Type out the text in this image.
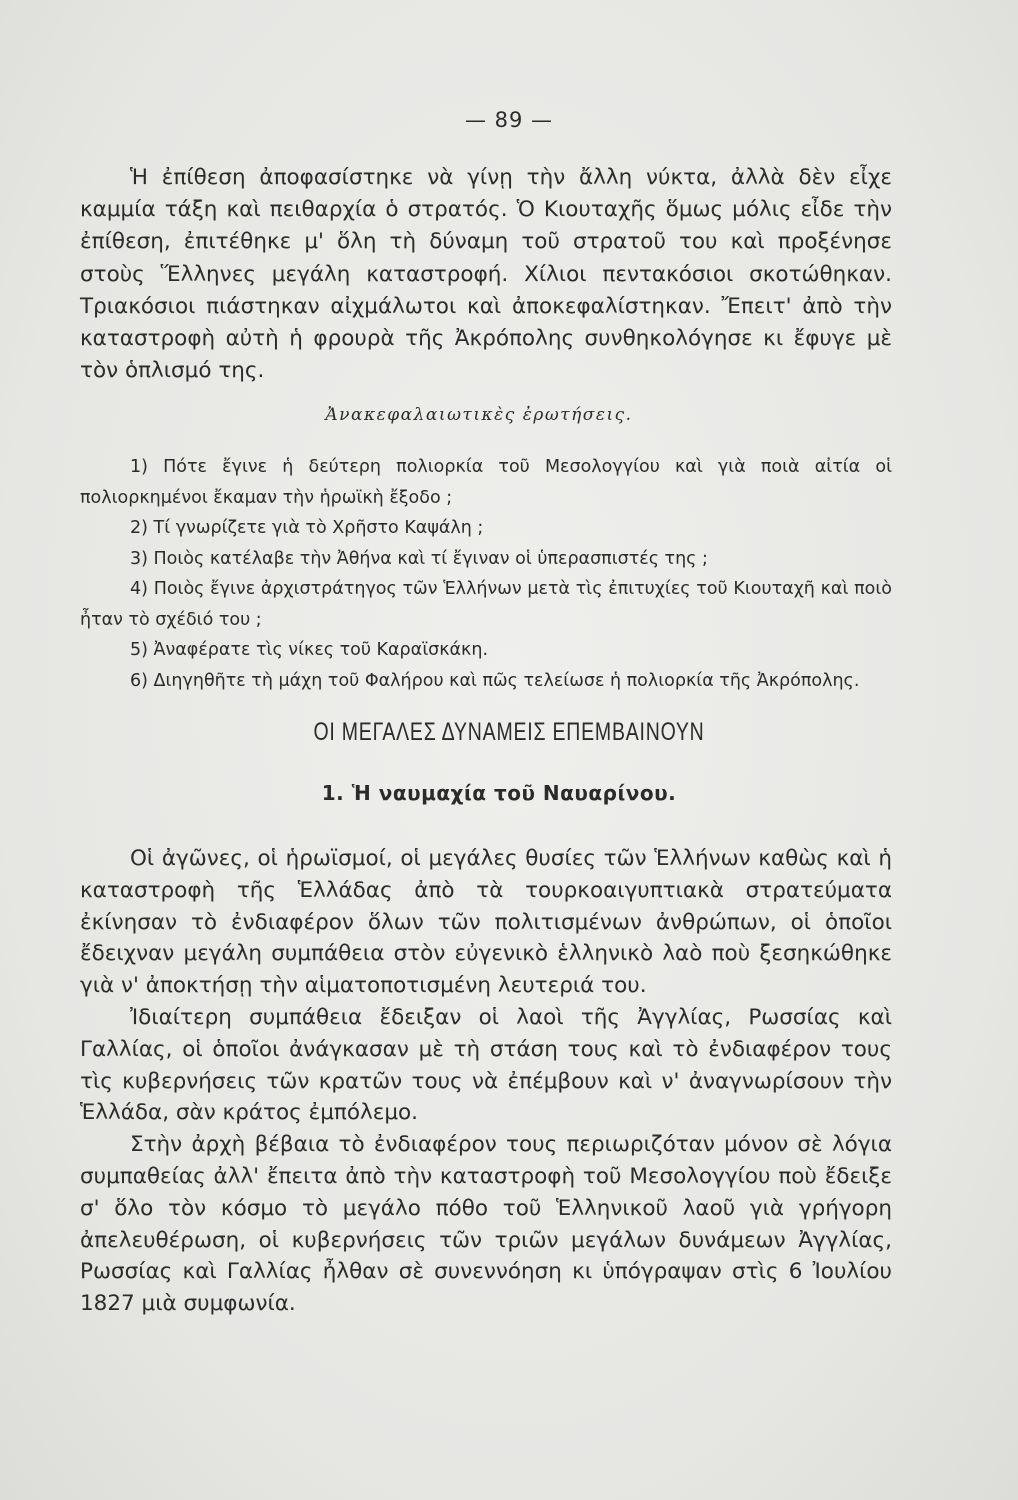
— 89 —
Ἡ ἐπίθεση ἀποφασίστηκε νὰ γίνῃ τὴν ἄλλη νύκτα, ἀλλὰ δὲν εἶχε καμμία τάξη καὶ πειθαρχία ὁ στρατός. Ὁ Κιουταχῆς ὅμως μόλις εἶδε τὴν ἐπίθεση, ἐπιτέθηκε μ' ὅλη τὴ δύναμη τοῦ στρατοῦ του καὶ προξένησε στοὺς Ἕλληνες μεγάλη καταστροφή. Χίλιοι πεντακόσιοι σκοτώθηκαν. Τριακόσιοι πιάστηκαν αἰχμάλωτοι καὶ ἀποκεφαλίστηκαν. Ἔπειτ' ἀπὸ τὴν καταστροφὴ αὐτὴ ἡ φρουρὰ τῆς Ἀκρόπολης συνθηκολόγησε κι ἔφυγε μὲ τὸν ὁπλισμό της.
Ἀνακεφαλαιωτικὲς ἐρωτήσεις.
1) Πότε ἔγινε ἡ δεύτερη πολιορκία τοῦ Μεσολογγίου καὶ γιὰ ποιὰ αἰτία οἱ πολιορκημένοι ἔκαμαν τὴν ἡρωϊκὴ ἔξοδο ;
2) Τί γνωρίζετε γιὰ τὸ Χρῆστο Καψάλη ;
3) Ποιὸς κατέλαβε τὴν Ἀθήνα καὶ τί ἔγιναν οἱ ὑπερασπιστές της ;
4) Ποιὸς ἔγινε ἀρχιστράτηγος τῶν Ἑλλήνων μετὰ τὶς ἐπιτυχίες τοῦ Κιουταχῆ καὶ ποιὸ ἦταν τὸ σχέδιό του ;
5) Ἀναφέρατε τὶς νίκες τοῦ Καραϊσκάκη.
6) Διηγηθῆτε τὴ μάχη τοῦ Φαλήρου καὶ πῶς τελείωσε ἡ πολιορκία τῆς Ἀκρόπολης.
ΟΙ ΜΕΓΑΛΕΣ ΔΥΝΑΜΕΙΣ ΕΠΕΜΒΑΙΝΟΥΝ
1. Ἡ ναυμαχία τοῦ Ναυαρίνου.

Οἱ ἀγῶνες, οἱ ἡρωϊσμοί, οἱ μεγάλες θυσίες τῶν Ἑλλήνων καθὼς καὶ ἡ καταστροφὴ τῆς Ἑλλάδας ἀπὸ τὰ τουρκοαιγυπτιακὰ στρατεύματα ἐκίνησαν τὸ ἐνδιαφέρον ὅλων τῶν πολιτισμένων ἀνθρώπων, οἱ ὁποῖοι ἔδειχναν μεγάλη συμπάθεια στὸν εὐγενικὸ ἑλληνικὸ λαὸ ποὺ ξεσηκώθηκε γιὰ ν' ἀποκτήσῃ τὴν αἱματοποτισμένη λευτεριά του.

Ἰδιαίτερη συμπάθεια ἔδειξαν οἱ λαοὶ τῆς Ἀγγλίας, Ρωσσίας καὶ Γαλλίας, οἱ ὁποῖοι ἀνάγκασαν μὲ τὴ στάση τους καὶ τὸ ἐνδιαφέρον τους τὶς κυβερνήσεις τῶν κρατῶν τους νὰ ἐπέμβουν καὶ ν' ἀναγνωρίσουν τὴν Ἑλλάδα, σὰν κράτος ἐμπόλεμο.

Στὴν ἀρχὴ βέβαια τὸ ἐνδιαφέρον τους περιωριζόταν μόνον σὲ λόγια συμπαθείας ἀλλ' ἔπειτα ἀπὸ τὴν καταστροφὴ τοῦ Μεσολογγίου ποὺ ἔδειξε σ' ὅλο τὸν κόσμο τὸ μεγάλο πόθο τοῦ Ἑλληνικοῦ λαοῦ γιὰ γρήγορη ἀπελευθέρωση, οἱ κυβερνήσεις τῶν τριῶν μεγάλων δυνάμεων Ἀγγλίας, Ρωσσίας καὶ Γαλλίας ἦλθαν σὲ συνεννόηση κι ὑπόγραψαν στὶς 6 Ἰουλίου 1827 μιὰ συμφωνία.
